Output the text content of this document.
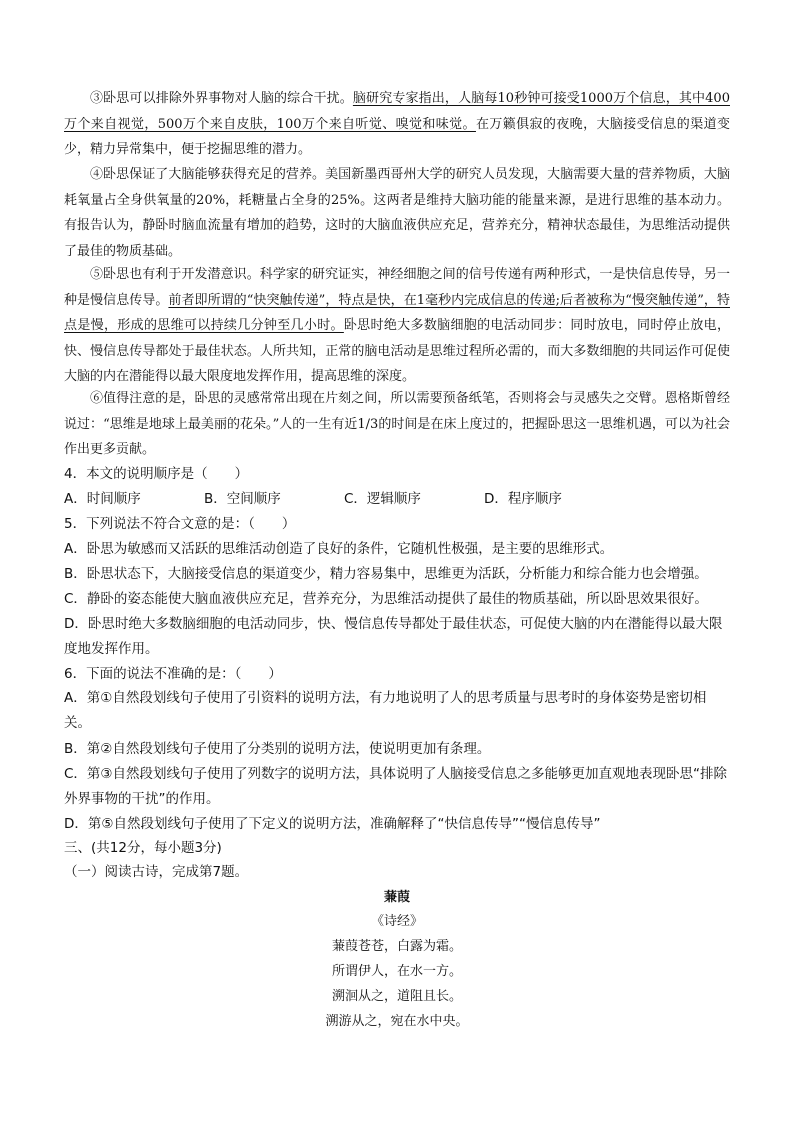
③卧思可以排除外界事物对人脑的综合干扰。脑研究专家指出，人脑每10秒钟可接受1000万个信息，其中400万个来自视觉，500万个来自皮肤，100万个来自听觉、嗅觉和味觉。在万籁俱寂的夜晚，大脑接受信息的渠道变少，精力异常集中，便于挖掘思维的潜力。

④卧思保证了大脑能够获得充足的营养。美国新墨西哥州大学的研究人员发现，大脑需要大量的营养物质，大脑耗氧量占全身供氧量的20%，耗糖量占全身的25%。这两者是维持大脑功能的能量来源，是进行思维的基本动力。有报告认为，静卧时脑血流量有增加的趋势，这时的大脑血液供应充足，营养充分，精神状态最佳，为思维活动提供了最佳的物质基础。

⑤卧思也有利于开发潜意识。科学家的研究证实，神经细胞之间的信号传递有两种形式，一是快信息传导，另一种是慢信息传导。前者即所谓的“快突触传递”，特点是快，在1毫秒内完成信息的传递;后者被称为“慢突触传递”，特点是慢，形成的思维可以持续几分钟至几小时。卧思时绝大多数脑细胞的电活动同步：同时放电，同时停止放电，快、慢信息传导都处于最佳状态。人所共知，正常的脑电活动是思维过程所必需的，而大多数细胞的共同运作可促使大脑的内在潜能得以最大限度地发挥作用，提高思维的深度。

⑥值得注意的是，卧思的灵感常常出现在片刻之间，所以需要预备纸笔，否则将会与灵感失之交臂。恩格斯曾经说过：“思维是地球上最美丽的花朵。”人的一生有近1/3的时间是在床上度过的，把握卧思这一思维机遇，可以为社会作出更多贡献。

4．本文的说明顺序是（　　）
A．时间顺序	B．空间顺序	C．逻辑顺序	D．程序顺序
5．下列说法不符合文意的是：（　　）

A．卧思为敏感而又活跃的思维活动创造了良好的条件，它随机性极强，是主要的思维形式。

B．卧思状态下，大脑接受信息的渠道变少，精力容易集中，思维更为活跃，分析能力和综合能力也会增强。

C．静卧的姿态能使大脑血液供应充足，营养充分，为思维活动提供了最佳的物质基础，所以卧思效果很好。

D．卧思时绝大多数脑细胞的电活动同步，快、慢信息传导都处于最佳状态，可促使大脑的内在潜能得以最大限度地发挥作用。

6．下面的说法不准确的是：（　　）

A．第①自然段划线句子使用了引资料的说明方法，有力地说明了人的思考质量与思考时的身体姿势是密切相关。

B．第②自然段划线句子使用了分类别的说明方法，使说明更加有条理。

C．第③自然段划线句子使用了列数字的说明方法，具体说明了人脑接受信息之多能够更加直观地表现卧思“排除外界事物的干扰”的作用。

D．第⑤自然段划线句子使用了下定义的说明方法，准确解释了“快信息传导”“慢信息传导”

三、(共12分，每小题3分)
（一）阅读古诗，完成第7题。
蒹葭
《诗经》
蒹葭苍苍，白露为霜。
所谓伊人，在水一方。
溯洄从之，道阻且长。
溯游从之，宛在水中央。
